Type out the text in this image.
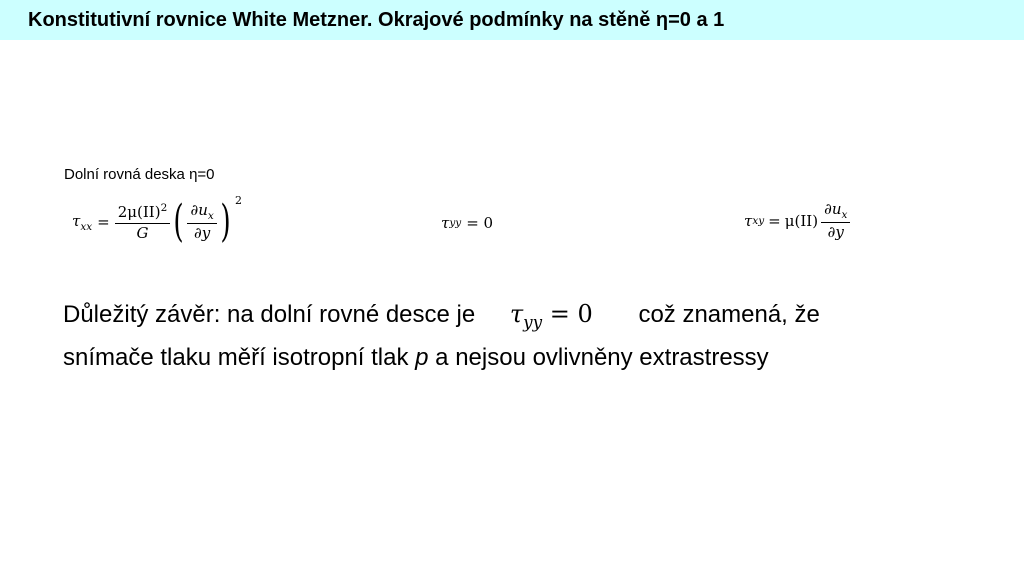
Konstitutivní rovnice White Metzner. Okrajové podmínky na stěně η=0 a 1
Dolní rovná deska η=0
$\tau_{xx} = \frac{2\mu(II)^2}{G}$ ( $\frac{\partial u_x}{\partial y}$ ) 2
τ yy = 0	τ xy = $\mu(II) \frac{\partial u_x}{\partial y}$
Důležitý závěr: na dolní rovné desce je $\tau_{yy} = 0$ což znamená, že snímače tlaku měří isotropní tlak p a nejsou ovlivněny extrastressy
